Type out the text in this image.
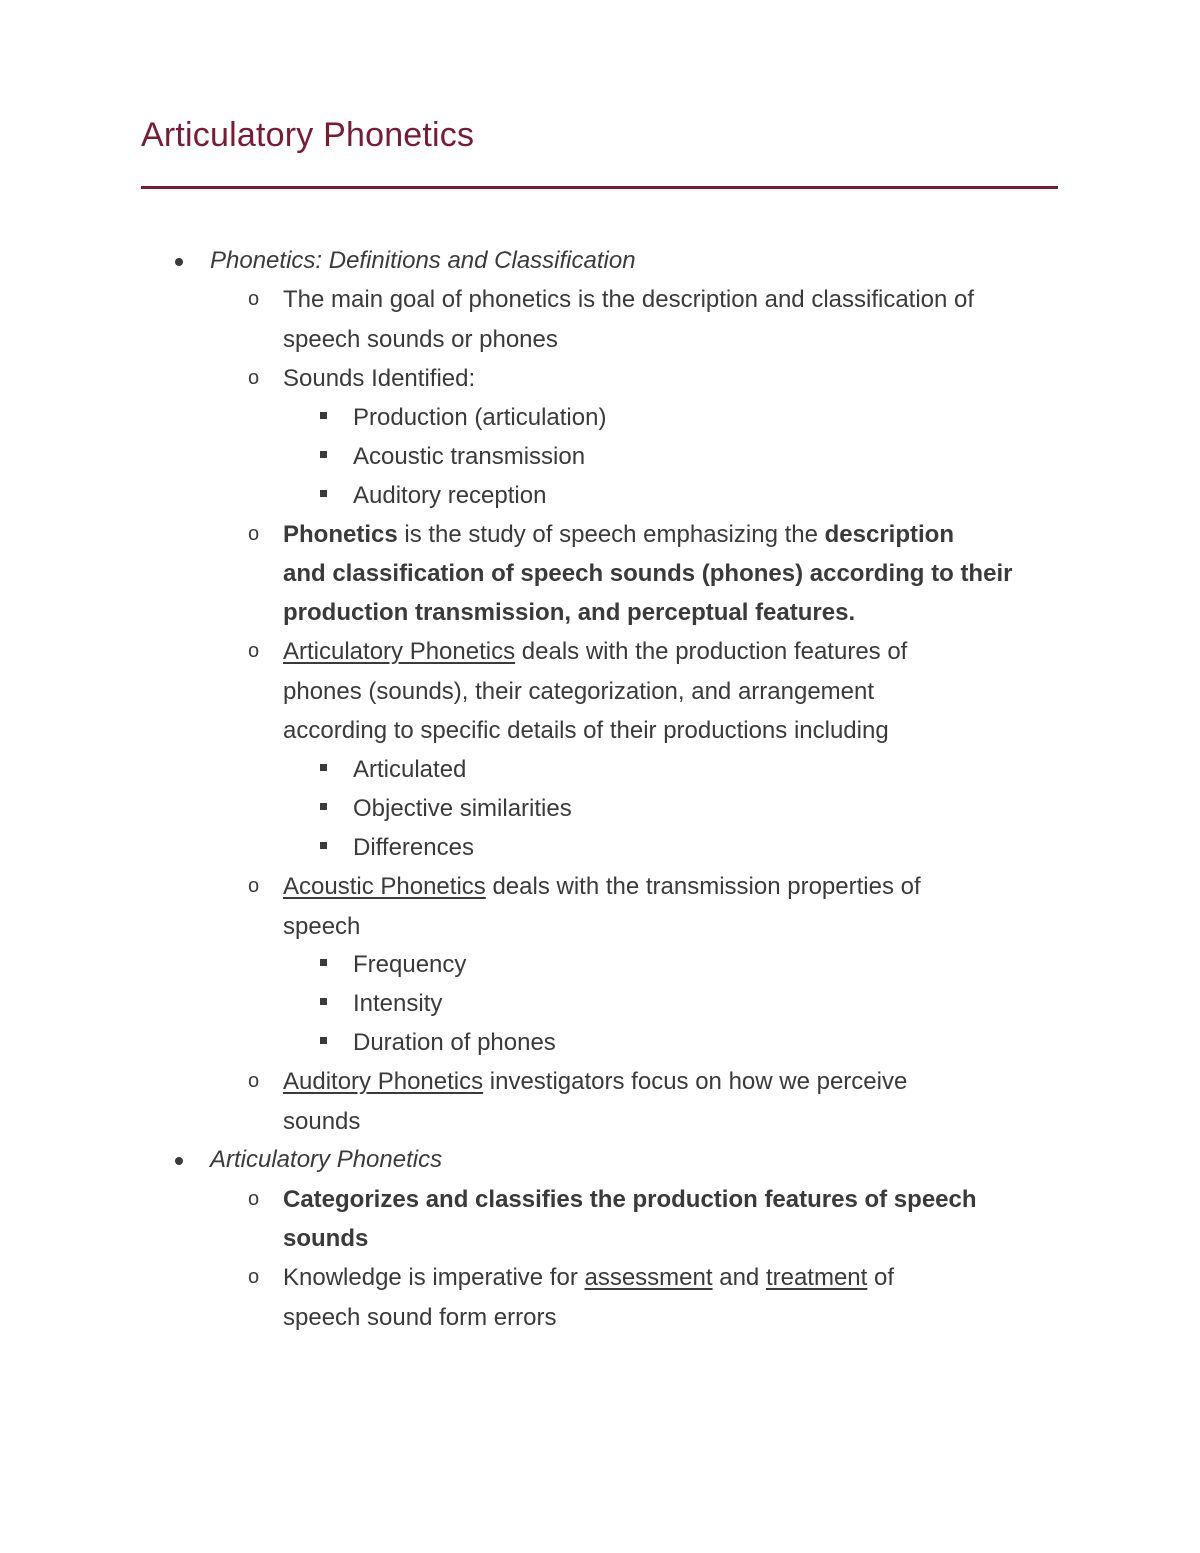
Articulatory Phonetics
Phonetics: Definitions and Classification
o The main goal of phonetics is the description and classification of
speech sounds or phones
o Sounds Identified:
Production (articulation)
Acoustic transmission
Auditory reception
o Phonetics is the study of speech emphasizing the description
and classification of speech sounds (phones) according to their
production transmission, and perceptual features.
o Articulatory Phonetics deals with the production features of
phones (sounds), their categorization, and arrangement
according to specific details of their productions including
Articulated
Objective similarities
Differences
o Acoustic Phonetics deals with the transmission properties of
speech
Frequency
Intensity
Duration of phones
o Auditory Phonetics investigators focus on how we perceive
sounds
Articulatory Phonetics
o Categorizes and classifies the production features of speech
sounds
o Knowledge is imperative for assessment and treatment of
speech sound form errors
